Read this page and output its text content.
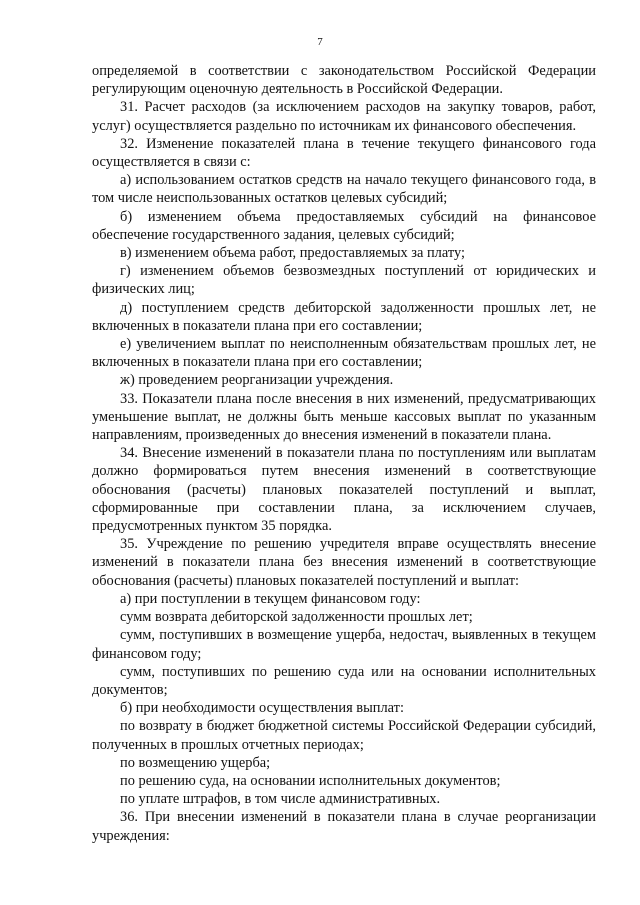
7

определяемой в соответствии с законодательством Российской Федерации регулирующим оценочную деятельность в Российской Федерации.

31. Расчет расходов (за исключением расходов на закупку товаров, работ, услуг) осуществляется раздельно по источникам их финансового обеспечения.

32. Изменение показателей плана в течение текущего финансового года осуществляется в связи с:

а) использованием остатков средств на начало текущего финансового года, в том числе неиспользованных остатков целевых субсидий;

б) изменением объема предоставляемых субсидий на финансовое обеспечение государственного задания, целевых субсидий;

в) изменением объема работ, предоставляемых за плату;

г) изменением объемов безвозмездных поступлений от юридических и физических лиц;

д) поступлением средств дебиторской задолженности прошлых лет, не включенных в показатели плана при его составлении;

е) увеличением выплат по неисполненным обязательствам прошлых лет, не включенных в показатели плана при его составлении;

ж) проведением реорганизации учреждения.

33. Показатели плана после внесения в них изменений, предусматривающих уменьшение выплат, не должны быть меньше кассовых выплат по указанным направлениям, произведенных до внесения изменений в показатели плана.

34. Внесение изменений в показатели плана по поступлениям или выплатам должно формироваться путем внесения изменений в соответствующие обоснования (расчеты) плановых показателей поступлений и выплат, сформированные при составлении плана, за исключением случаев, предусмотренных пунктом 35 порядка.

35. Учреждение по решению учредителя вправе осуществлять внесение изменений в показатели плана без внесения изменений в соответствующие обоснования (расчеты) плановых показателей поступлений и выплат:

а) при поступлении в текущем финансовом году:

сумм возврата дебиторской задолженности прошлых лет;

сумм, поступивших в возмещение ущерба, недостач, выявленных в текущем финансовом году;

сумм, поступивших по решению суда или на основании исполнительных документов;

б) при необходимости осуществления выплат:

по возврату в бюджет бюджетной системы Российской Федерации субсидий, полученных в прошлых отчетных периодах;

по возмещению ущерба;

по решению суда, на основании исполнительных документов;

по уплате штрафов, в том числе административных.

36. При внесении изменений в показатели плана в случае реорганизации учреждения:
